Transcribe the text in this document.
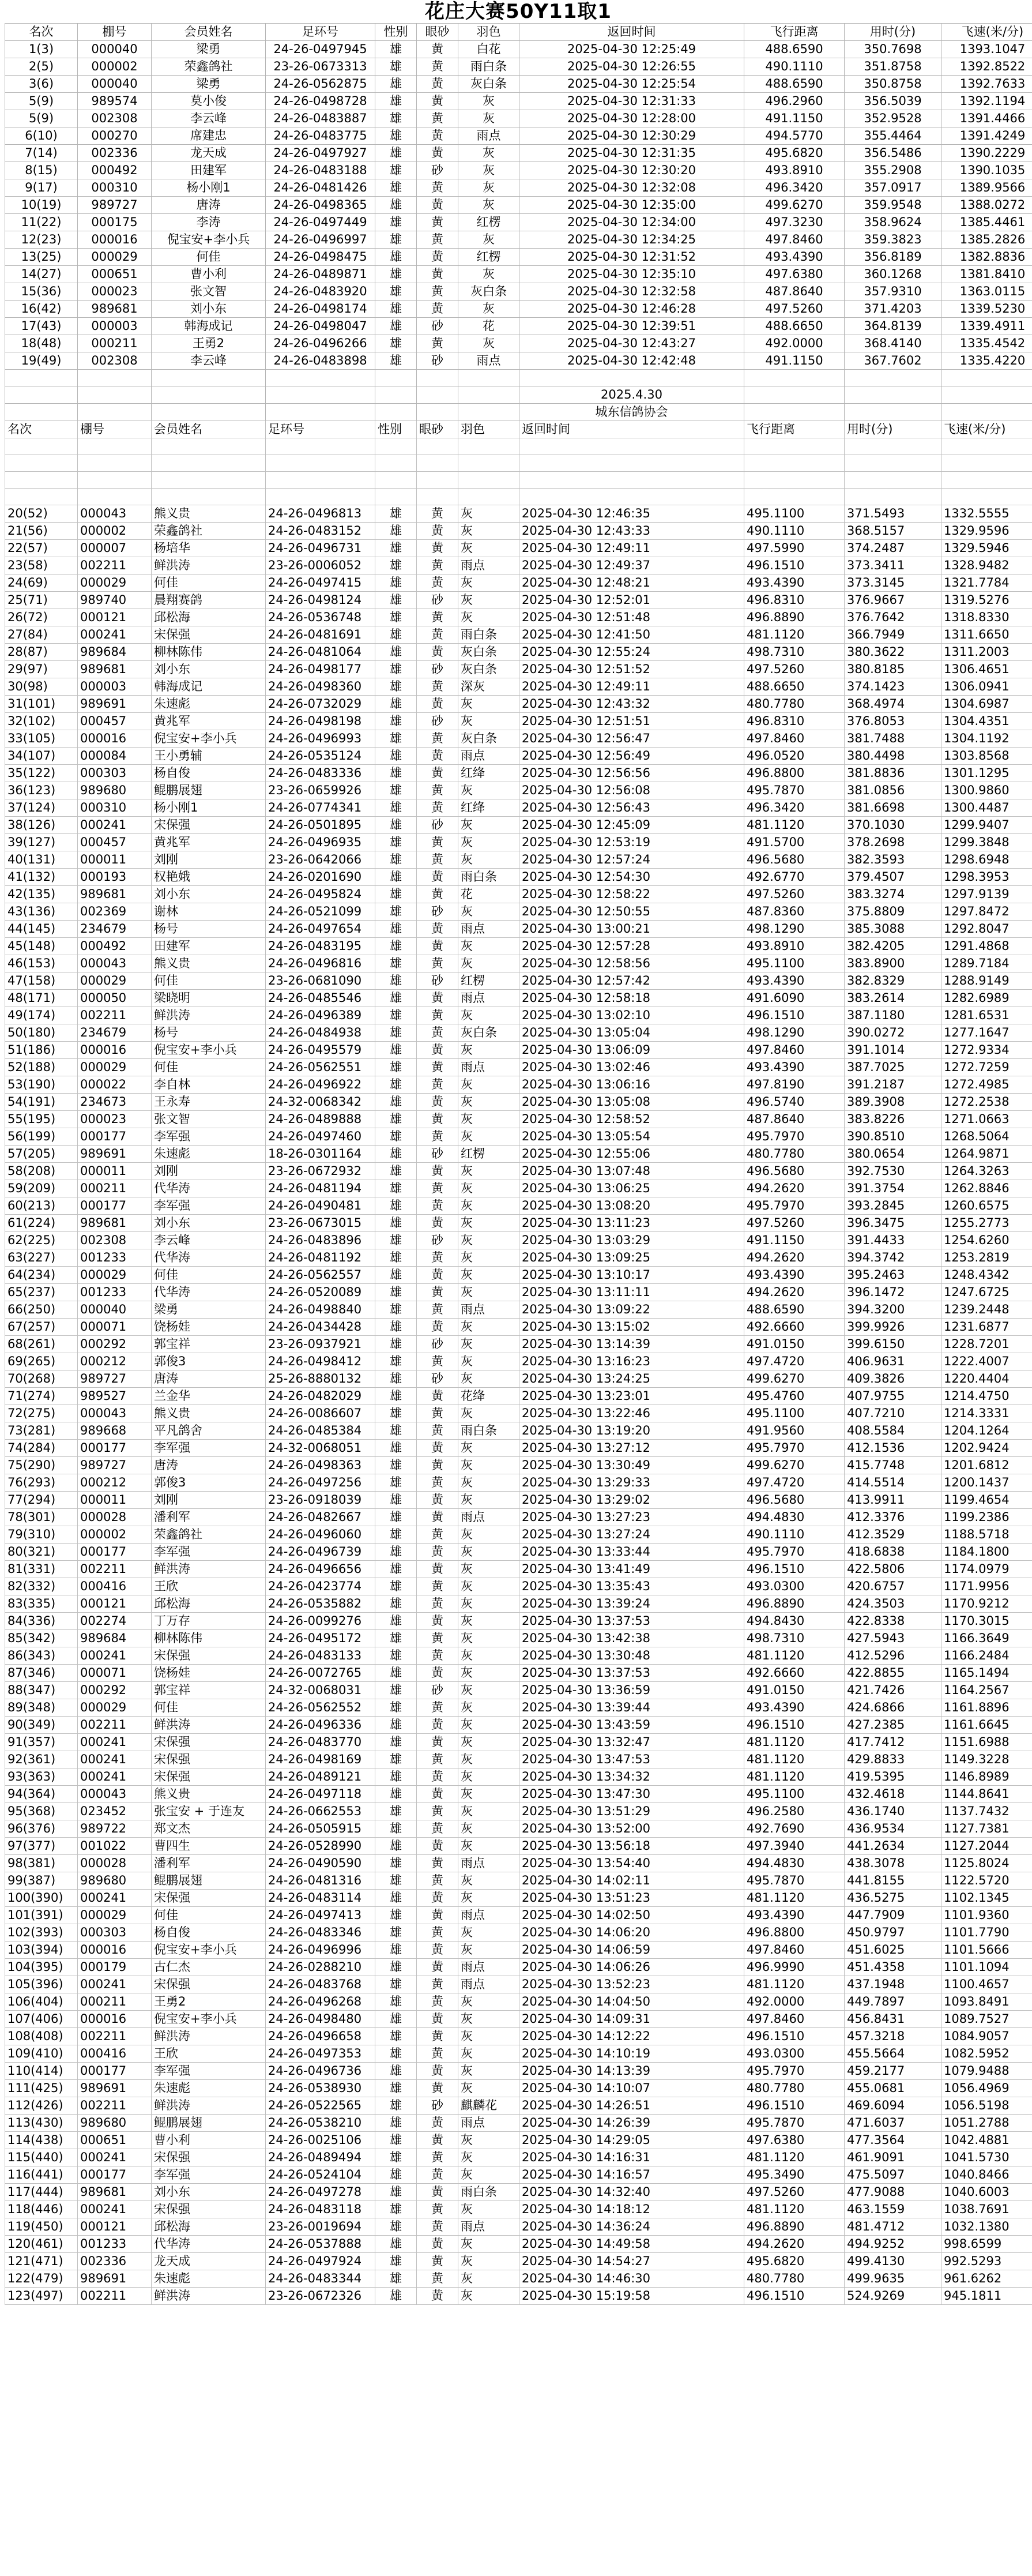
花庄大赛50Y11取1
名次	棚号	会员姓名	足环号	性别	眼砂	羽色	返回时间	飞行距离	用时(分)	飞速(米/分)
1(3)	000040	梁勇	24-26-0497945	雄	黄	白花	2025-04-30 12:25:49	488.6590	350.7698	1393.1047
2(5)	000002	荣鑫鸽社	23-26-0673313	雄	黄	雨白条	2025-04-30 12:26:55	490.1110	351.8758	1392.8522
3(6)	000040	梁勇	24-26-0562875	雄	黄	灰白条	2025-04-30 12:25:54	488.6590	350.8758	1392.7633
5(9)	989574	莫小俊	24-26-0498728	雄	黄	灰	2025-04-30 12:31:33	496.2960	356.5039	1392.1194
5(9)	002308	李云峰	24-26-0483887	雄	黄	灰	2025-04-30 12:28:00	491.1150	352.9528	1391.4466
6(10)	000270	席建忠	24-26-0483775	雄	黄	雨点	2025-04-30 12:30:29	494.5770	355.4464	1391.4249
7(14)	002336	龙天成	24-26-0497927	雄	黄	灰	2025-04-30 12:31:35	495.6820	356.5486	1390.2229
8(15)	000492	田建军	24-26-0483188	雄	砂	灰	2025-04-30 12:30:20	493.8910	355.2908	1390.1035
9(17)	000310	杨小刚1	24-26-0481426	雄	黄	灰	2025-04-30 12:32:08	496.3420	357.0917	1389.9566
10(19)	989727	唐涛	24-26-0498365	雄	黄	灰	2025-04-30 12:35:00	499.6270	359.9548	1388.0272
11(22)	000175	李涛	24-26-0497449	雄	黄	红楞	2025-04-30 12:34:00	497.3230	358.9624	1385.4461
12(23)	000016	倪宝安+李小兵	24-26-0496997	雄	黄	灰	2025-04-30 12:34:25	497.8460	359.3823	1385.2826
13(25)	000029	何佳	24-26-0498475	雄	黄	红楞	2025-04-30 12:31:52	493.4390	356.8189	1382.8836
14(27)	000651	曹小利	24-26-0489871	雄	黄	灰	2025-04-30 12:35:10	497.6380	360.1268	1381.8410
15(36)	000023	张文智	24-26-0483920	雄	黄	灰白条	2025-04-30 12:32:58	487.8640	357.9310	1363.0115
16(42)	989681	刘小东	24-26-0498174	雄	黄	灰	2025-04-30 12:46:28	497.5260	371.4203	1339.5230
17(43)	000003	韩海成记	24-26-0498047	雄	砂	花	2025-04-30 12:39:51	488.6650	364.8139	1339.4911
18(48)	000211	王勇2	24-26-0496266	雄	黄	灰	2025-04-30 12:43:27	492.0000	368.4140	1335.4542
19(49)	002308	李云峰	24-26-0483898	雄	砂	雨点	2025-04-30 12:42:48	491.1150	367.7602	1335.4220

							2025.4.30			
							城东信鸽协会			
名次	棚号	会员姓名	足环号	性别	眼砂	羽色	返回时间	飞行距离	用时(分)	飞速(米/分)

20(52)	000043	熊义贵	24-26-0496813	雄	黄	灰	2025-04-30 12:46:35	495.1100	371.5493	1332.5555
21(56)	000002	荣鑫鸽社	24-26-0483152	雄	黄	灰	2025-04-30 12:43:33	490.1110	368.5157	1329.9596
22(57)	000007	杨培华	24-26-0496731	雄	黄	灰	2025-04-30 12:49:11	497.5990	374.2487	1329.5946
23(58)	002211	鲜洪涛	23-26-0006052	雄	黄	雨点	2025-04-30 12:49:37	496.1510	373.3411	1328.9482
24(69)	000029	何佳	24-26-0497415	雄	黄	灰	2025-04-30 12:48:21	493.4390	373.3145	1321.7784
25(71)	989740	晨翔赛鸽	24-26-0498124	雄	砂	灰	2025-04-30 12:52:01	496.8310	376.9667	1319.5276
26(72)	000121	邱松海	24-26-0536748	雄	黄	灰	2025-04-30 12:51:48	496.8890	376.7642	1318.8330
27(84)	000241	宋保强	24-26-0481691	雄	黄	雨白条	2025-04-30 12:41:50	481.1120	366.7949	1311.6650
28(87)	989684	柳林陈伟	24-26-0481064	雄	黄	灰白条	2025-04-30 12:55:24	498.7310	380.3622	1311.2003
29(97)	989681	刘小东	24-26-0498177	雄	砂	灰白条	2025-04-30 12:51:52	497.5260	380.8185	1306.4651
30(98)	000003	韩海成记	24-26-0498360	雄	黄	深灰	2025-04-30 12:49:11	488.6650	374.1423	1306.0941
31(101)	989691	朱速彪	24-26-0732029	雄	黄	灰	2025-04-30 12:43:32	480.7780	368.4974	1304.6987
32(102)	000457	黄兆军	24-26-0498198	雄	砂	灰	2025-04-30 12:51:51	496.8310	376.8053	1304.4351
33(105)	000016	倪宝安+李小兵	24-26-0496993	雄	黄	灰白条	2025-04-30 12:56:47	497.8460	381.7488	1304.1192
34(107)	000084	王小勇辅	24-26-0535124	雄	黄	雨点	2025-04-30 12:56:49	496.0520	380.4498	1303.8568
35(122)	000303	杨自俊	24-26-0483336	雄	黄	红绛	2025-04-30 12:56:56	496.8800	381.8836	1301.1295
36(123)	989680	鲲鹏展翅	23-26-0659926	雄	黄	灰	2025-04-30 12:56:08	495.7870	381.0856	1300.9860
37(124)	000310	杨小刚1	24-26-0774341	雄	黄	红绛	2025-04-30 12:56:43	496.3420	381.6698	1300.4487
38(126)	000241	宋保强	24-26-0501895	雄	砂	灰	2025-04-30 12:45:09	481.1120	370.1030	1299.9407
39(127)	000457	黄兆军	24-26-0496935	雄	黄	灰	2025-04-30 12:53:19	491.5700	378.2698	1299.3848
40(131)	000011	刘刚	23-26-0642066	雄	黄	灰	2025-04-30 12:57:24	496.5680	382.3593	1298.6948
41(132)	000193	权艳娥	24-26-0201690	雄	黄	雨白条	2025-04-30 12:54:30	492.6770	379.4507	1298.3953
42(135)	989681	刘小东	24-26-0495824	雄	黄	花	2025-04-30 12:58:22	497.5260	383.3274	1297.9139
43(136)	002369	谢林	24-26-0521099	雄	砂	灰	2025-04-30 12:50:55	487.8360	375.8809	1297.8472
44(145)	234679	杨号	24-26-0497654	雄	黄	雨点	2025-04-30 13:00:21	498.1290	385.3088	1292.8047
45(148)	000492	田建军	24-26-0483195	雄	黄	灰	2025-04-30 12:57:28	493.8910	382.4205	1291.4868
46(153)	000043	熊义贵	24-26-0496816	雄	黄	灰	2025-04-30 12:58:56	495.1100	383.8900	1289.7184
47(158)	000029	何佳	23-26-0681090	雄	砂	红楞	2025-04-30 12:57:42	493.4390	382.8329	1288.9149
48(171)	000050	梁晓明	24-26-0485546	雄	黄	雨点	2025-04-30 12:58:18	491.6090	383.2614	1282.6989
49(174)	002211	鲜洪涛	24-26-0496389	雄	黄	灰	2025-04-30 13:02:10	496.1510	387.1180	1281.6531
50(180)	234679	杨号	24-26-0484938	雄	黄	灰白条	2025-04-30 13:05:04	498.1290	390.0272	1277.1647
51(186)	000016	倪宝安+李小兵	24-26-0495579	雄	黄	灰	2025-04-30 13:06:09	497.8460	391.1014	1272.9334
52(188)	000029	何佳	24-26-0562551	雄	黄	雨点	2025-04-30 13:02:46	493.4390	387.7025	1272.7259
53(190)	000022	李自林	24-26-0496922	雄	黄	灰	2025-04-30 13:06:16	497.8190	391.2187	1272.4985
54(191)	234673	王永寿	24-32-0068342	雄	黄	灰	2025-04-30 13:05:08	496.5740	389.3908	1272.2538
55(195)	000023	张文智	24-26-0489888	雄	黄	灰	2025-04-30 12:58:52	487.8640	383.8226	1271.0663
56(199)	000177	李军强	24-26-0497460	雄	黄	灰	2025-04-30 13:05:54	495.7970	390.8510	1268.5064
57(205)	989691	朱速彪	18-26-0301164	雄	砂	红楞	2025-04-30 12:55:06	480.7780	380.0654	1264.9871
58(208)	000011	刘刚	23-26-0672932	雄	黄	灰	2025-04-30 13:07:48	496.5680	392.7530	1264.3263
59(209)	000211	代华涛	24-26-0481194	雄	黄	灰	2025-04-30 13:06:25	494.2620	391.3754	1262.8846
60(213)	000177	李军强	24-26-0490481	雄	黄	灰	2025-04-30 13:08:20	495.7970	393.2845	1260.6575
61(224)	989681	刘小东	23-26-0673015	雄	黄	灰	2025-04-30 13:11:23	497.5260	396.3475	1255.2773
62(225)	002308	李云峰	24-26-0483896	雄	砂	灰	2025-04-30 13:03:29	491.1150	391.4433	1254.6260
63(227)	001233	代华涛	24-26-0481192	雄	黄	灰	2025-04-30 13:09:25	494.2620	394.3742	1253.2819
64(234)	000029	何佳	24-26-0562557	雄	黄	灰	2025-04-30 13:10:17	493.4390	395.2463	1248.4342
65(237)	001233	代华涛	24-26-0520089	雄	黄	灰	2025-04-30 13:11:11	494.2620	396.1472	1247.6725
66(250)	000040	梁勇	24-26-0498840	雄	黄	雨点	2025-04-30 13:09:22	488.6590	394.3200	1239.2448
67(257)	000071	饶杨娃	24-26-0434428	雄	黄	灰	2025-04-30 13:15:02	492.6660	399.9926	1231.6877
68(261)	000292	郭宝祥	23-26-0937921	雄	砂	灰	2025-04-30 13:14:39	491.0150	399.6150	1228.7201
69(265)	000212	郭俊3	24-26-0498412	雄	黄	灰	2025-04-30 13:16:23	497.4720	406.9631	1222.4007
70(268)	989727	唐涛	25-26-8880132	雄	砂	灰	2025-04-30 13:24:25	499.6270	409.3826	1220.4404
71(274)	989527	兰金华	24-26-0482029	雄	黄	花绛	2025-04-30 13:23:01	495.4760	407.9755	1214.4750
72(275)	000043	熊义贵	24-26-0086607	雄	黄	灰	2025-04-30 13:22:46	495.1100	407.7210	1214.3331
73(281)	989668	平凡鸽舍	24-26-0485384	雄	黄	雨白条	2025-04-30 13:19:20	491.9560	408.5584	1204.1264
74(284)	000177	李军强	24-32-0068051	雄	黄	灰	2025-04-30 13:27:12	495.7970	412.1536	1202.9424
75(290)	989727	唐涛	24-26-0498363	雄	黄	灰	2025-04-30 13:30:49	499.6270	415.7748	1201.6812
76(293)	000212	郭俊3	24-26-0497256	雄	黄	灰	2025-04-30 13:29:33	497.4720	414.5514	1200.1437
77(294)	000011	刘刚	23-26-0918039	雄	黄	灰	2025-04-30 13:29:02	496.5680	413.9911	1199.4654
78(301)	000028	潘利军	24-26-0482667	雄	黄	雨点	2025-04-30 13:27:23	494.4830	412.3376	1199.2386
79(310)	000002	荣鑫鸽社	24-26-0496060	雄	黄	灰	2025-04-30 13:27:24	490.1110	412.3529	1188.5718
80(321)	000177	李军强	24-26-0496739	雄	黄	灰	2025-04-30 13:33:44	495.7970	418.6838	1184.1800
81(331)	002211	鲜洪涛	24-26-0496656	雄	黄	灰	2025-04-30 13:41:49	496.1510	422.5806	1174.0979
82(332)	000416	王欣	24-26-0423774	雄	黄	灰	2025-04-30 13:35:43	493.0300	420.6757	1171.9956
83(335)	000121	邱松海	24-26-0535882	雄	黄	灰	2025-04-30 13:39:24	496.8890	424.3503	1170.9212
84(336)	002274	丁万存	24-26-0099276	雄	黄	灰	2025-04-30 13:37:53	494.8430	422.8338	1170.3015
85(342)	989684	柳林陈伟	24-26-0495172	雄	黄	灰	2025-04-30 13:42:38	498.7310	427.5943	1166.3649
86(343)	000241	宋保强	24-26-0483133	雄	黄	灰	2025-04-30 13:30:48	481.1120	412.5296	1166.2484
87(346)	000071	饶杨娃	24-26-0072765	雄	黄	灰	2025-04-30 13:37:53	492.6660	422.8855	1165.1494
88(347)	000292	郭宝祥	24-32-0068031	雄	砂	灰	2025-04-30 13:36:59	491.0150	421.7426	1164.2567
89(348)	000029	何佳	24-26-0562552	雄	黄	灰	2025-04-30 13:39:44	493.4390	424.6866	1161.8896
90(349)	002211	鲜洪涛	24-26-0496336	雄	黄	灰	2025-04-30 13:43:59	496.1510	427.2385	1161.6645
91(357)	000241	宋保强	24-26-0483770	雄	黄	灰	2025-04-30 13:32:47	481.1120	417.7412	1151.6988
92(361)	000241	宋保强	24-26-0498169	雄	黄	灰	2025-04-30 13:47:53	481.1120	429.8833	1149.3228
93(363)	000241	宋保强	24-26-0489121	雄	黄	灰	2025-04-30 13:34:32	481.1120	419.5395	1146.8989
94(364)	000043	熊义贵	24-26-0497118	雄	黄	灰	2025-04-30 13:47:30	495.1100	432.4618	1144.8641
95(368)	023452	张宝安 + 于连友	24-26-0662553	雄	黄	灰	2025-04-30 13:51:29	496.2580	436.1740	1137.7432
96(376)	989722	郑文杰	24-26-0505915	雄	黄	灰	2025-04-30 13:52:00	492.7690	436.9534	1127.7381
97(377)	001022	曹四生	24-26-0528990	雄	黄	灰	2025-04-30 13:56:18	497.3940	441.2634	1127.2044
98(381)	000028	潘利军	24-26-0490590	雄	黄	雨点	2025-04-30 13:54:40	494.4830	438.3078	1125.8024
99(387)	989680	鲲鹏展翅	24-26-0481316	雄	黄	灰	2025-04-30 14:02:11	495.7870	441.8155	1122.5720
100(390)	000241	宋保强	24-26-0483114	雄	黄	灰	2025-04-30 13:51:23	481.1120	436.5275	1102.1345
101(391)	000029	何佳	24-26-0497413	雄	黄	雨点	2025-04-30 14:02:50	493.4390	447.7909	1101.9360
102(393)	000303	杨自俊	24-26-0483346	雄	黄	灰	2025-04-30 14:06:20	496.8800	450.9797	1101.7790
103(394)	000016	倪宝安+李小兵	24-26-0496996	雄	黄	灰	2025-04-30 14:06:59	497.8460	451.6025	1101.5666
104(395)	000179	古仁杰	24-26-0288210	雄	黄	雨点	2025-04-30 14:06:26	496.9990	451.4358	1101.1094
105(396)	000241	宋保强	24-26-0483768	雄	黄	雨点	2025-04-30 13:52:23	481.1120	437.1948	1100.4657
106(404)	000211	王勇2	24-26-0496268	雄	黄	灰	2025-04-30 14:04:50	492.0000	449.7897	1093.8491
107(406)	000016	倪宝安+李小兵	24-26-0498480	雄	黄	灰	2025-04-30 14:09:31	497.8460	456.8431	1089.7527
108(408)	002211	鲜洪涛	24-26-0496658	雄	黄	灰	2025-04-30 14:12:22	496.1510	457.3218	1084.9057
109(410)	000416	王欣	24-26-0497353	雄	黄	灰	2025-04-30 14:10:19	493.0300	455.5664	1082.5952
110(414)	000177	李军强	24-26-0496736	雄	黄	灰	2025-04-30 14:13:39	495.7970	459.2177	1079.9488
111(425)	989691	朱速彪	24-26-0538930	雄	黄	灰	2025-04-30 14:10:07	480.7780	455.0681	1056.4969
112(426)	002211	鲜洪涛	24-26-0522565	雄	砂	麒麟花	2025-04-30 14:26:51	496.1510	469.6094	1056.5198
113(430)	989680	鲲鹏展翅	24-26-0538210	雄	黄	雨点	2025-04-30 14:26:39	495.7870	471.6037	1051.2788
114(438)	000651	曹小利	24-26-0025106	雄	黄	灰	2025-04-30 14:29:05	497.6380	477.3564	1042.4881
115(440)	000241	宋保强	24-26-0489494	雄	黄	灰	2025-04-30 14:16:31	481.1120	461.9091	1041.5730
116(441)	000177	李军强	24-26-0524104	雄	黄	灰	2025-04-30 14:16:57	495.3490	475.5097	1040.8466
117(444)	989681	刘小东	24-26-0497278	雄	黄	雨白条	2025-04-30 14:32:40	497.5260	477.9088	1040.6003
118(446)	000241	宋保强	24-26-0483118	雄	黄	灰	2025-04-30 14:18:12	481.1120	463.1559	1038.7691
119(450)	000121	邱松海	23-26-0019694	雄	黄	雨点	2025-04-30 14:36:24	496.8890	481.4712	1032.1380
120(461)	001233	代华涛	24-26-0537888	雄	黄	灰	2025-04-30 14:49:58	494.2620	494.9252	998.6599
121(471)	002336	龙天成	24-26-0497924	雄	黄	灰	2025-04-30 14:54:27	495.6820	499.4130	992.5293
122(479)	989691	朱速彪	24-26-0483344	雄	黄	灰	2025-04-30 14:46:30	480.7780	499.9635	961.6262
123(497)	002211	鲜洪涛	23-26-0672326	雄	黄	灰	2025-04-30 15:19:58	496.1510	524.9269	945.1811
